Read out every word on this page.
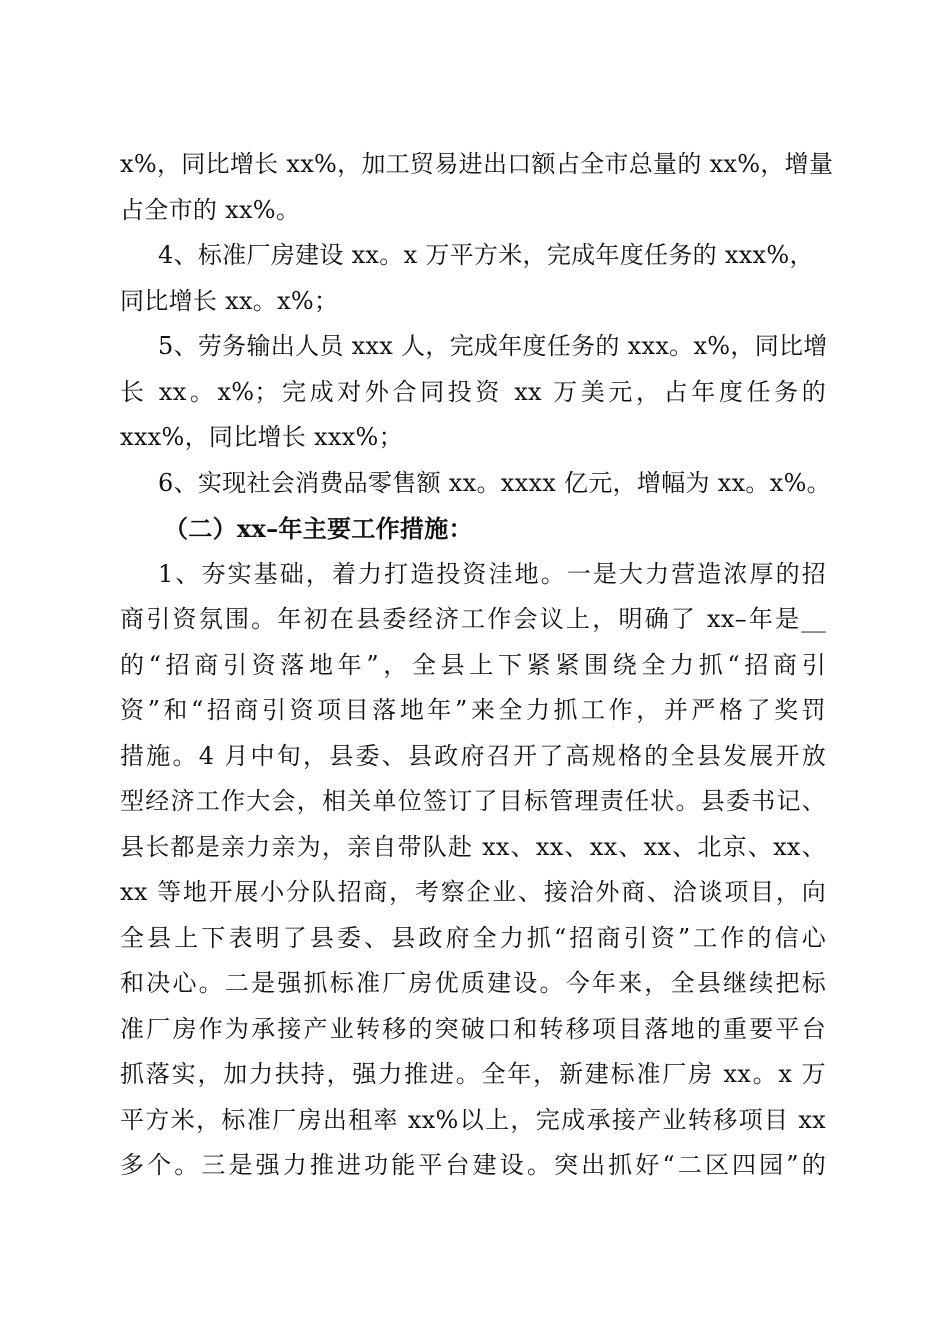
x%，同比增长 xx%，加工贸易进出口额占全市总量的 xx%，增量
占全市的 xx%。
4、标准厂房建设 xx。x 万平方米，完成年度任务的 xxx%，
同比增长 xx。x%；
5、劳务输出人员 xxx 人，完成年度任务的 xxx。x%，同比增
长 xx。x%；完成对外合同投资 xx 万美元，占年度任务的
xxx%，同比增长 xxx%；
6、实现社会消费品零售额 xx。xxxx 亿元，增幅为 xx。x%。
（二）xx–年主要工作措施：
1、夯实基础，着力打造投资洼地。一是大力营造浓厚的招
商引资氛围。年初在县委经济工作会议上，明确了 xx–年是__
的“招商引资落地年”，全县上下紧紧围绕全力抓“招商引
资”和“招商引资项目落地年”来全力抓工作，并严格了奖罚
措施。4 月中旬，县委、县政府召开了高规格的全县发展开放
型经济工作大会，相关单位签订了目标管理责任状。县委书记、
县长都是亲力亲为，亲自带队赴 xx、xx、xx、xx、北京、xx、
xx 等地开展小分队招商，考察企业、接洽外商、洽谈项目，向
全县上下表明了县委、县政府全力抓“招商引资”工作的信心
和决心。二是强抓标准厂房优质建设。今年来，全县继续把标
准厂房作为承接产业转移的突破口和转移项目落地的重要平台
抓落实，加力扶持，强力推进。全年，新建标准厂房 xx。x 万
平方米，标准厂房出租率 xx%以上，完成承接产业转移项目 xx
多个。三是强力推进功能平台建设。突出抓好“二区四园”的
